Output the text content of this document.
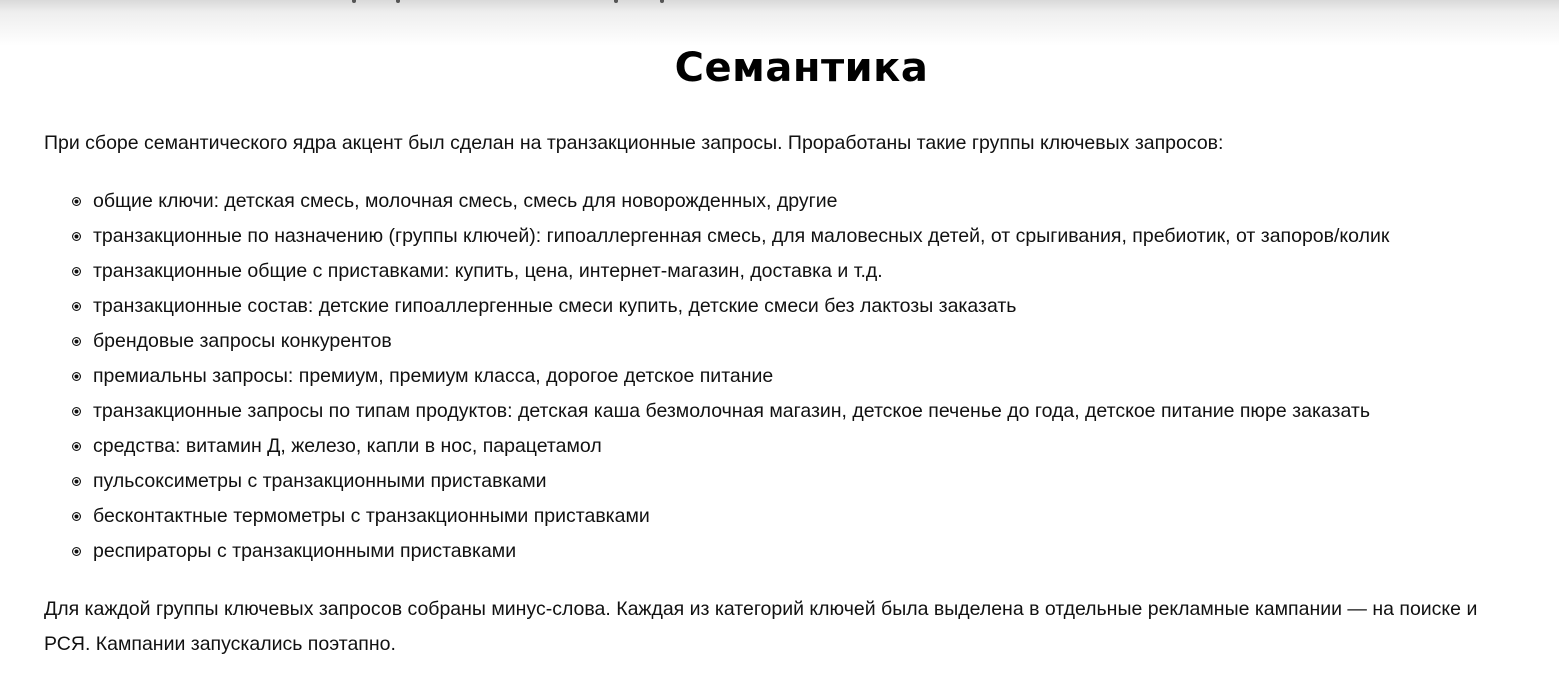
Семантика

При сборе семантического ядра акцент был сделан на транзакционные запросы. Проработаны такие группы ключевых запросов:

общие ключи: детская смесь, молочная смесь, смесь для новорожденных, другие
транзакционные по назначению (группы ключей): гипоаллергенная смесь, для маловесных детей, от срыгивания, пребиотик, от запоров/колик
транзакционные общие с приставками: купить, цена, интернет-магазин, доставка и т.д.
транзакционные состав: детские гипоаллергенные смеси купить, детские смеси без лактозы заказать
брендовые запросы конкурентов
премиальны запросы: премиум, премиум класса, дорогое детское питание
транзакционные запросы по типам продуктов: детская каша безмолочная магазин, детское печенье до года, детское питание пюре заказать
средства: витамин Д, железо, капли в нос, парацетамол
пульсоксиметры с транзакционными приставками
бесконтактные термометры с транзакционными приставками
респираторы с транзакционными приставками

Для каждой группы ключевых запросов собраны минус-слова. Каждая из категорий ключей была выделена в отдельные рекламные кампании — на поиске и РСЯ. Кампании запускались поэтапно.
